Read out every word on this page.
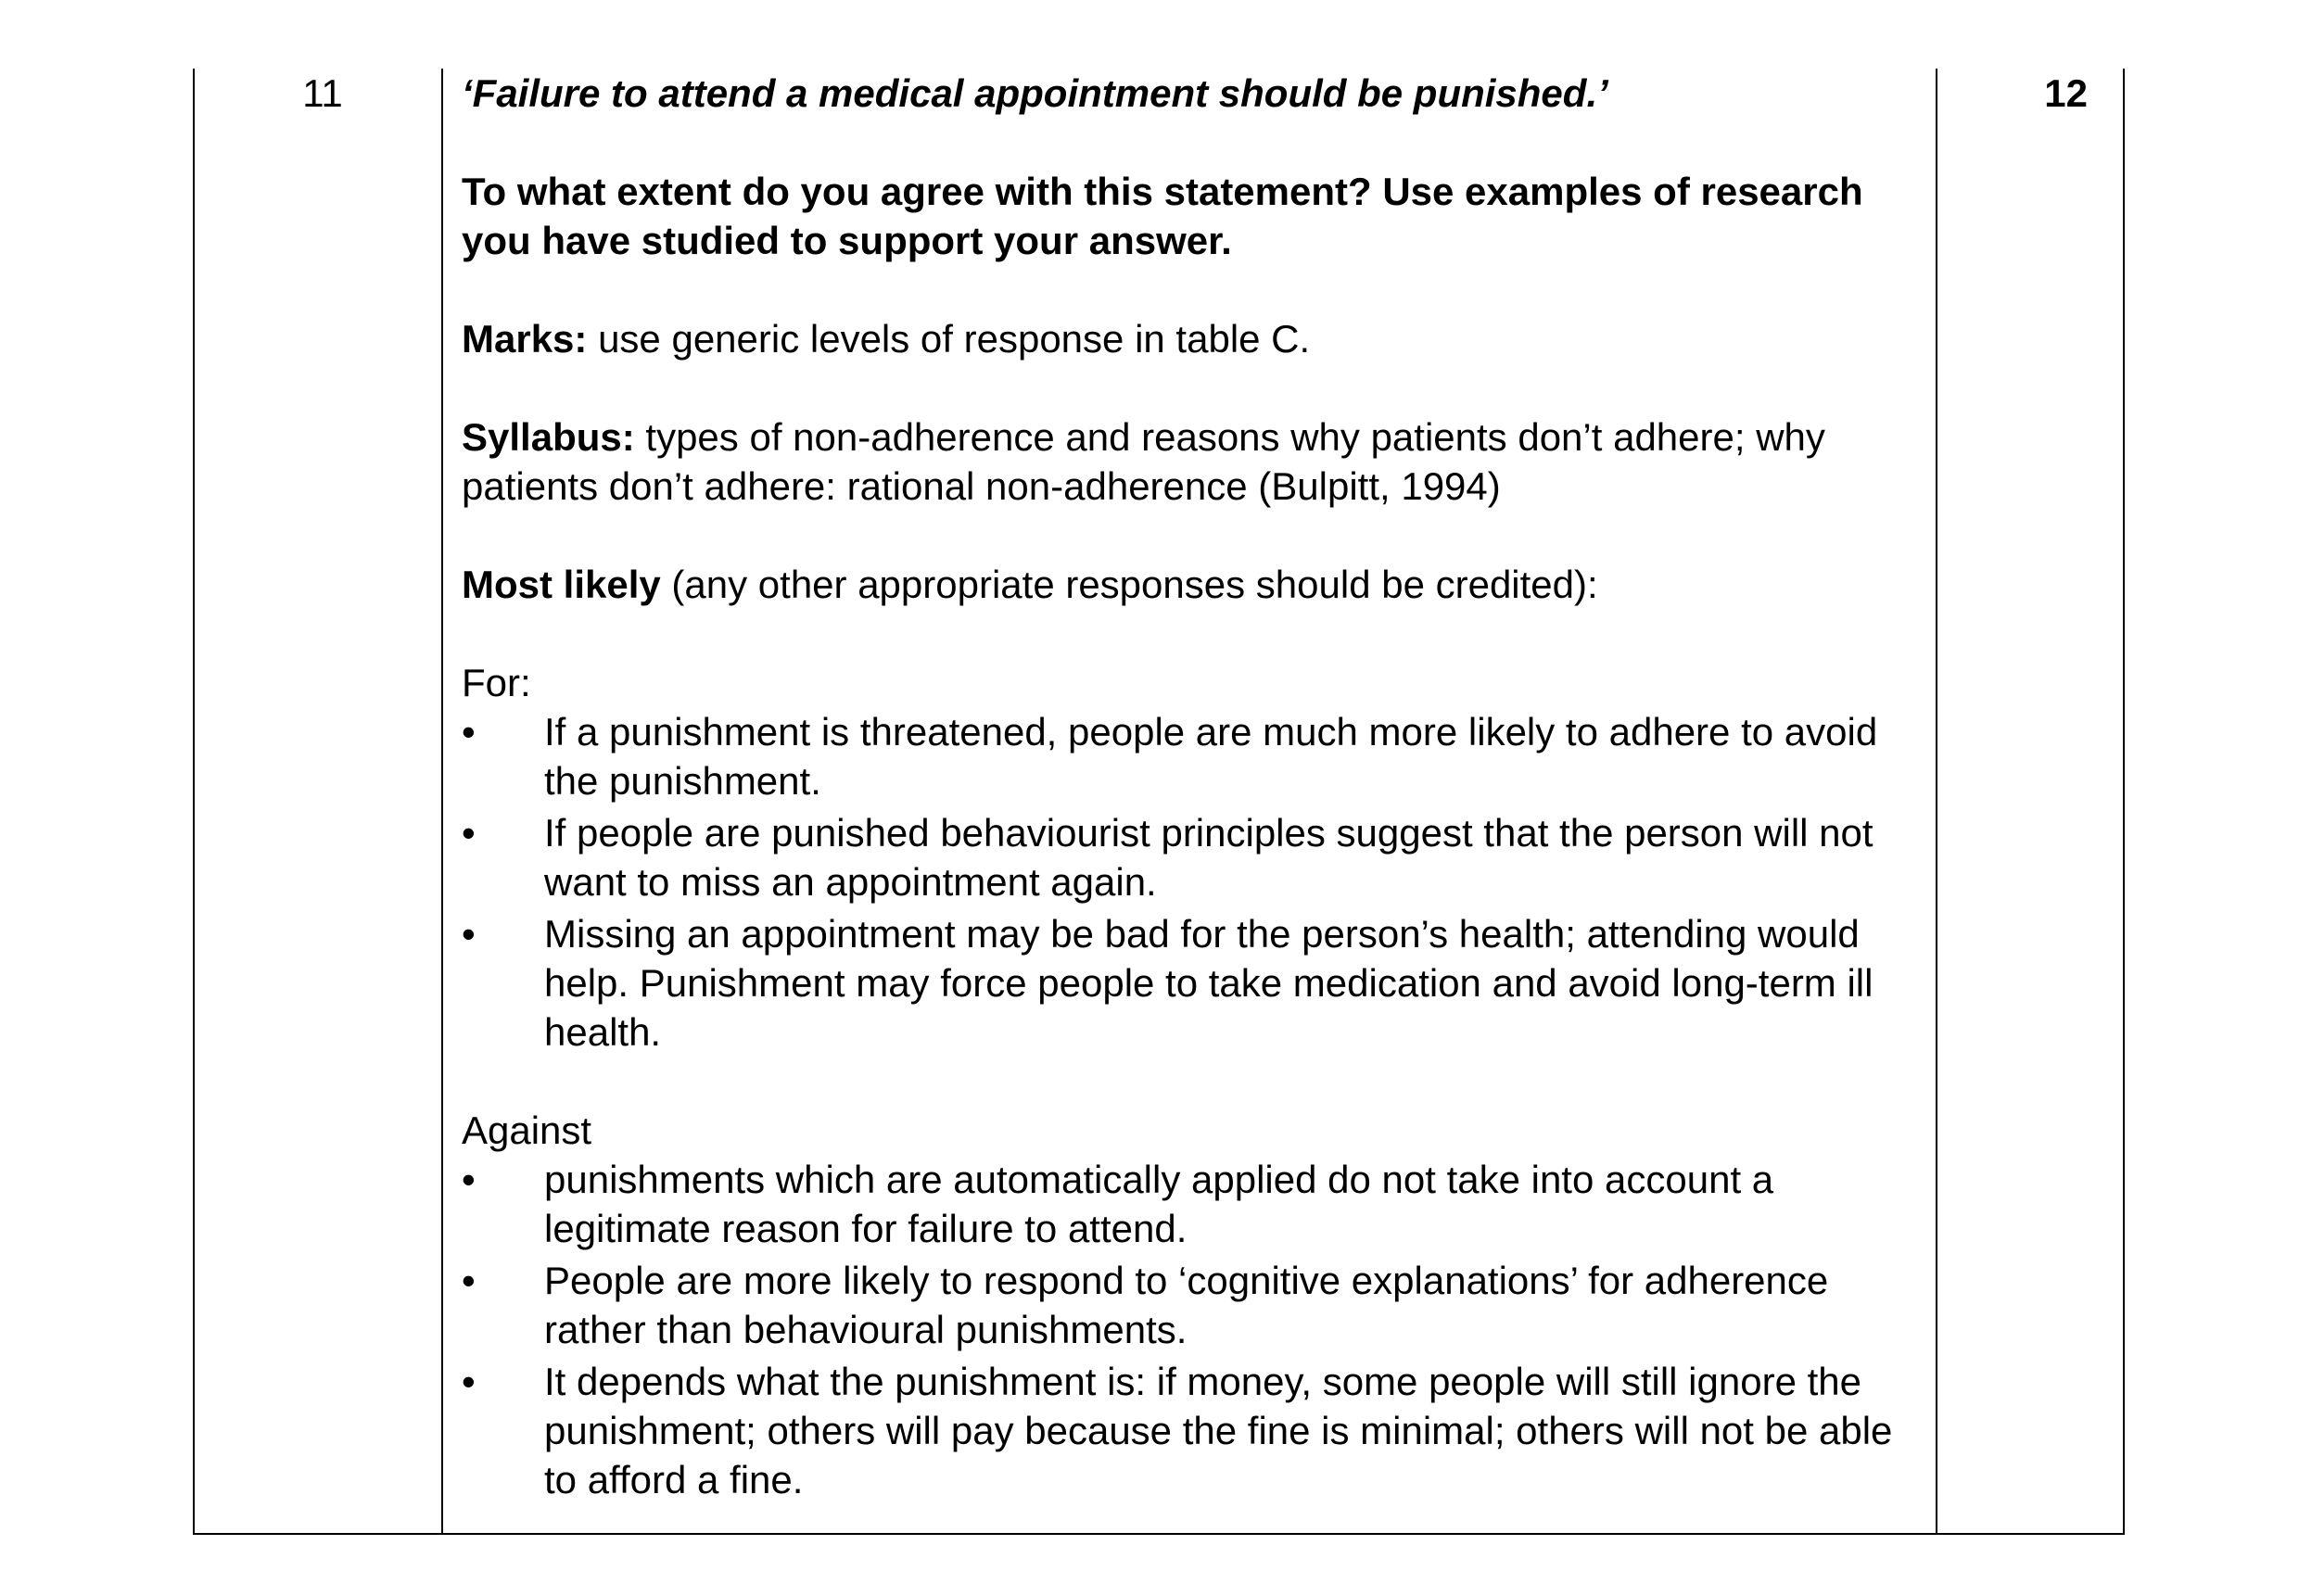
11	‘Failure to attend a medical appointment should be punished.’

To what extent do you agree with this statement? Use examples of research you have studied to support your answer.

Marks: use generic levels of response in table C.

Syllabus: types of non-adherence and reasons why patients don’t adhere; why patients don’t adhere: rational non-adherence (Bulpitt, 1994)

Most likely (any other appropriate responses should be credited):

For:

•	If a punishment is threatened, people are much more likely to adhere to avoid the punishment.
•	If people are punished behaviourist principles suggest that the person will not want to miss an appointment again.
•	Missing an appointment may be bad for the person’s health; attending would help. Punishment may force people to take medication and avoid long-term ill health.

Against

•	punishments which are automatically applied do not take into account a legitimate reason for failure to attend.
•	People are more likely to respond to ‘cognitive explanations’ for adherence rather than behavioural punishments.
•	It depends what the punishment is: if money, some people will still ignore the punishment; others will pay because the fine is minimal; others will not be able to afford a fine.
12
